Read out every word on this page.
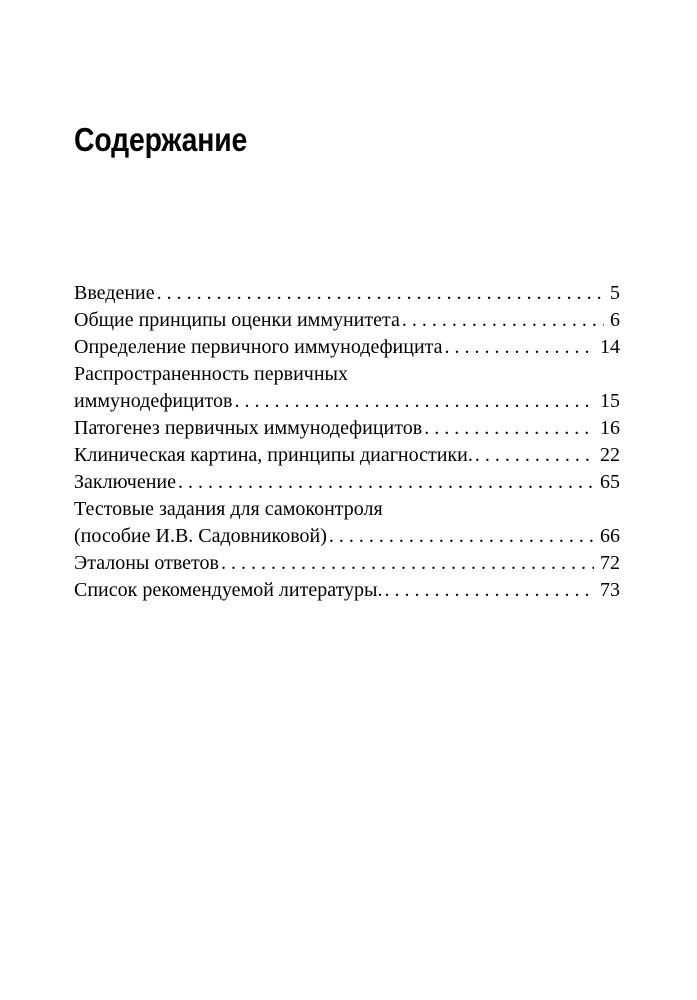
Содержание
Введение . . .	5
Общие принципы оценки иммунитета . . .	6
Определение первичного иммунодефицита . . .	14
Распространенность первичных
иммунодефицитов . . .	15
Патогенез первичных иммунодефицитов . . .	16
Клиническая картина, принципы диагностики. . . .	22
Заключение . . .	65
Тестовые задания для самоконтроля
(пособие И.В. Садовниковой) . . .	66
Эталоны ответов . . .	72
Список рекомендуемой литературы. . . .	73
